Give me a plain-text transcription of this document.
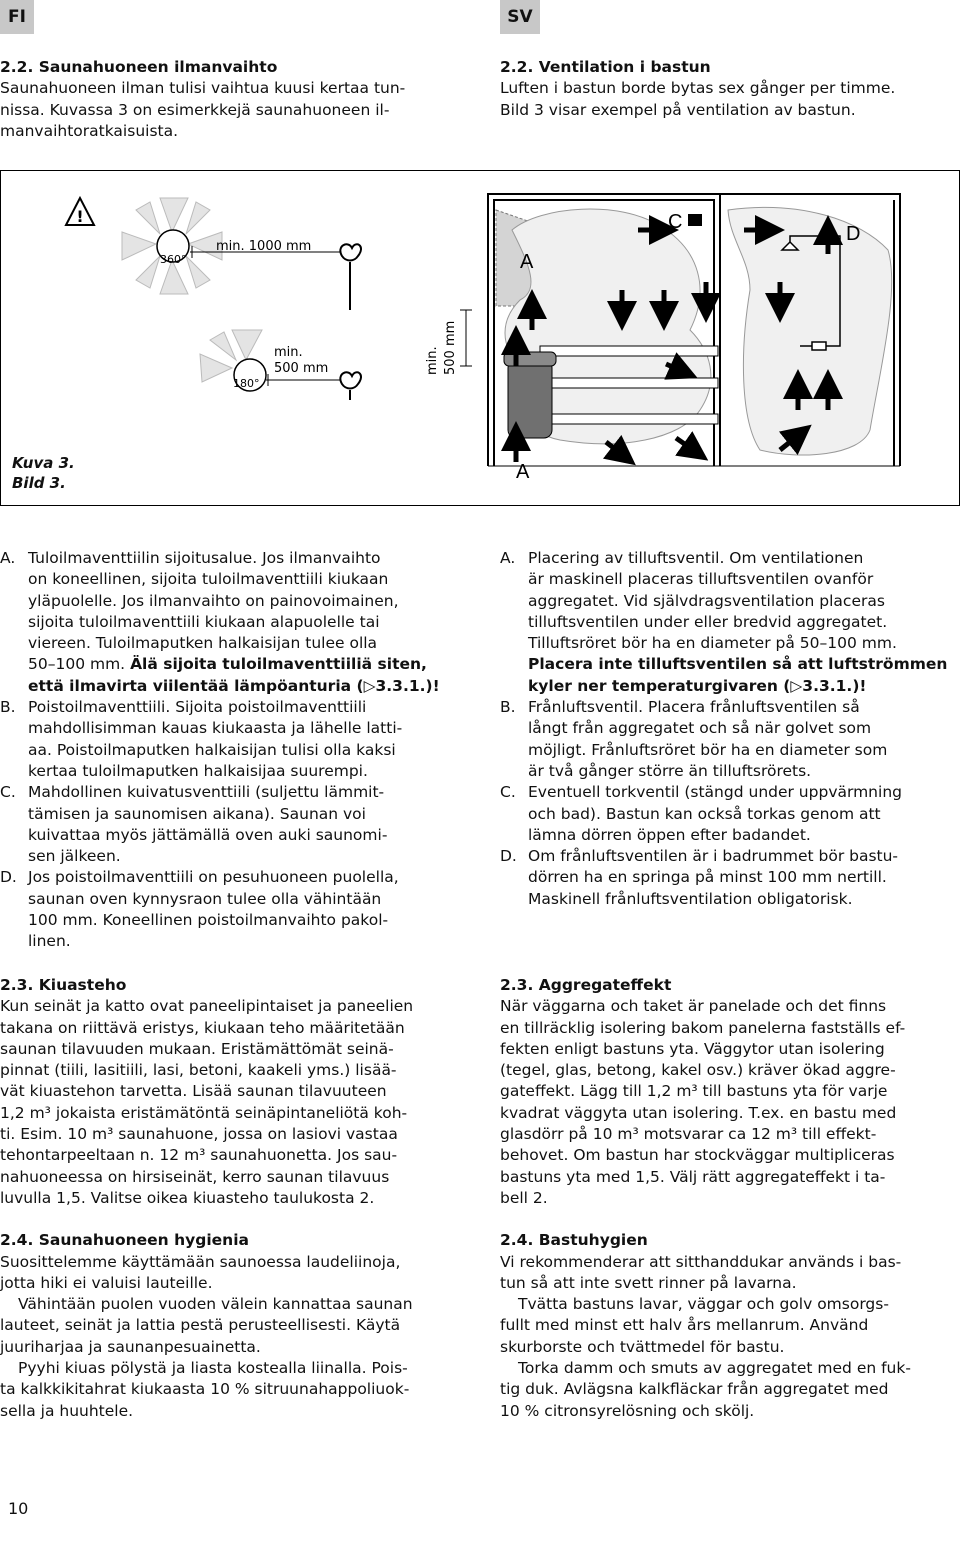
FI	SV

2.2. Saunahuoneen ilmanvaihto

Saunahuoneen ilman tulisi vaihtua kuusi kertaa tun-

nissa. Kuvassa 3 on esimerkkejä saunahuoneen il-

manvaihtoratkaisuista.

2.2. Ventilation i bastun

Luften i bastun borde bytas sex gånger per timme.

Bild 3 visar exempel på ventilation av bastun.

!
360°
min. 1000 mm
180°
min.
500 mm	min. 500 mm
A
A
B
C
D
Kuva 3.
Bild 3.
A. Tuloilmaventtiilin sijoitusalue. Jos ilmanvaihto

on koneellinen, sijoita tuloilmaventtiili kiukaan

yläpuolelle. Jos ilmanvaihto on painovoimainen,

sijoita tuloilmaventtiili kiukaan alapuolelle tai

viereen. Tuloilmaputken halkaisijan tulee olla

50–100 mm. Älä sijoita tuloilmaventtiiliä siten,

että ilmavirta viilentää lämpöanturia (▷3.3.1.)!

B. Poistoilmaventtiili. Sijoita poistoilmaventtiili

mahdollisimman kauas kiukaasta ja lähelle latti-

aa. Poistoilmaputken halkaisijan tulisi olla kaksi

kertaa tuloilmaputken halkaisijaa suurempi.

C. Mahdollinen kuivatusventtiili (suljettu lämmit-

tämisen ja saunomisen aikana). Saunan voi

kuivattaa myös jättämällä oven auki saunomi-

sen jälkeen.

D. Jos poistoilmaventtiili on pesuhuoneen puolella,

saunan oven kynnysraon tulee olla vähintään

100 mm. Koneellinen poistoilmanvaihto pakol-

linen.

A. Placering av tilluftsventil. Om ventilationen

är maskinell placeras tilluftsventilen ovanför

aggregatet. Vid självdragsventilation placeras

tilluftsventilen under eller bredvid aggregatet.

Tilluftsröret bör ha en diameter på 50–100 mm.

Placera inte tilluftsventilen så att luftströmmen

kyler ner temperaturgivaren (▷3.3.1.)!

B. Frånluftsventil. Placera frånluftsventilen så

långt från aggregatet och så när golvet som

möjligt. Frånluftsröret bör ha en diameter som

är två gånger större än tilluftsrörets.

C. Eventuell torkventil (stängd under uppvärmning

och bad). Bastun kan också torkas genom att

lämna dörren öppen efter badandet.

D. Om frånluftsventilen är i badrummet bör bastu-

dörren ha en springa på minst 100 mm nertill.

Maskinell frånluftsventilation obligatorisk.

2.3. Kiuasteho

Kun seinät ja katto ovat paneelipintaiset ja paneelien

takana on riittävä eristys, kiukaan teho määritetään

saunan tilavuuden mukaan. Eristämättömät seinä-

pinnat (tiili, lasitiili, lasi, betoni, kaakeli yms.) lisää-

vät kiuastehon tarvetta. Lisää saunan tilavuuteen

1,2 m³ jokaista eristämätöntä seinäpintaneliötä koh-

ti. Esim. 10 m³ saunahuone, jossa on lasiovi vastaa

tehontarpeeltaan n. 12 m³ saunahuonetta. Jos sau-

nahuoneessa on hirsiseinät, kerro saunan tilavuus

luvulla 1,5. Valitse oikea kiuasteho taulukosta 2.

2.4. Saunahuoneen hygienia

Suosittelemme käyttämään saunoessa laudeliinoja,

jotta hiki ei valuisi lauteille.

Vähintään puolen vuoden välein kannattaa saunan

lauteet, seinät ja lattia pestä perusteellisesti. Käytä

juuriharjaa ja saunanpesuainetta.

Pyyhi kiuas pölystä ja liasta kostealla liinalla. Pois-

ta kalkkikitahrat kiukaasta 10 % sitruunahappoliuok-

sella ja huuhtele.

2.3. Aggregateffekt

När väggarna och taket är panelade och det finns

en tillräcklig isolering bakom panelerna fastställs ef-

fekten enligt bastuns yta. Väggytor utan isolering

(tegel, glas, betong, kakel osv.) kräver ökad aggre-

gateffekt. Lägg till 1,2 m³ till bastuns yta för varje

kvadrat väggyta utan isolering. T.ex. en bastu med

glasdörr på 10 m³ motsvarar ca 12 m³ till effekt-

behovet. Om bastun har stockväggar multipliceras

bastuns yta med 1,5. Välj rätt aggregateffekt i ta-

bell 2.

2.4. Bastuhygien

Vi rekommenderar att sitthanddukar används i bas-

tun så att inte svett rinner på lavarna.

Tvätta bastuns lavar, väggar och golv omsorgs-

fullt med minst ett halv års mellanrum. Använd

skurborste och tvättmedel för bastu.

Torka damm och smuts av aggregatet med en fuk-

tig duk. Avlägsna kalkfläckar från aggregatet med

10 % citronsyrelösning och skölj.

10
